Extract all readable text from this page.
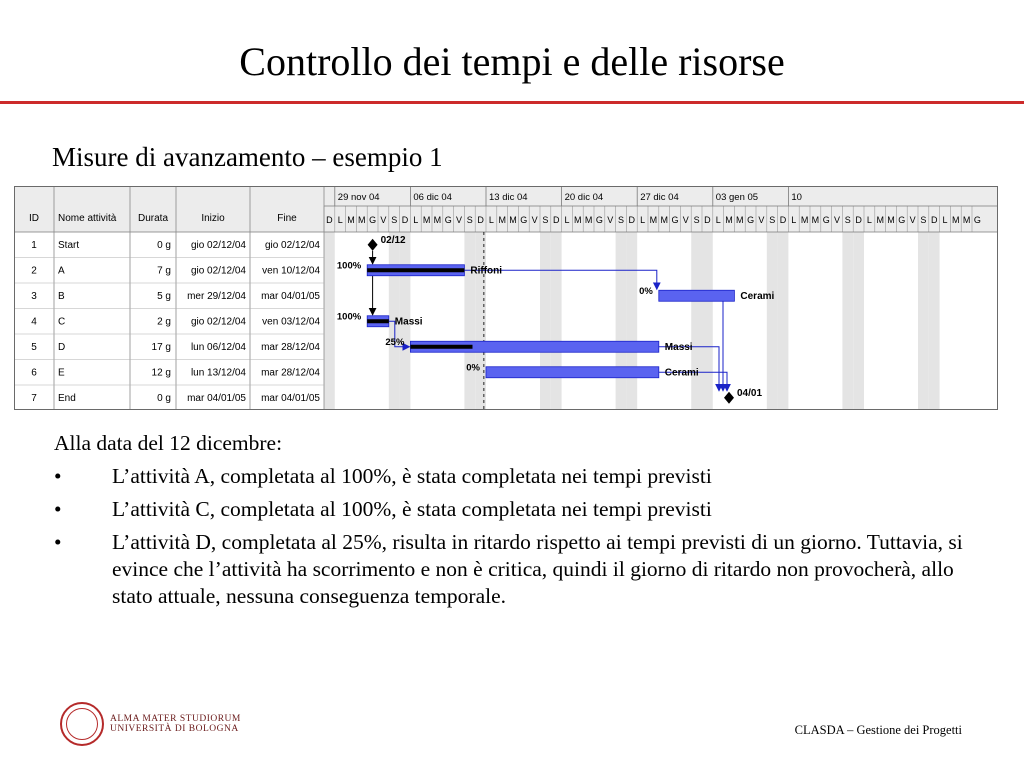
Controllo dei tempi e delle risorse
Misure di avanzamento – esempio 1
D L M M G V S D L M M G V S D L M M G V S D L M M G V S D L M M G V S D L M M G V S D L M M G V S D L M M G V S D L M M G
29 nov 04	06 dic 04	13 dic 04	20 dic 04	27 dic 04	03 gen 05	10
ID Nome attività Durata	Inizio	Fine
1 Start	0 g gio 02/12/04 gio 02/12/04
2 A	7 g gio 02/12/04 ven 10/12/04
3 B	5 g mer 29/12/04 mar 04/01/05
4 C	2 g gio 02/12/04 ven 03/12/04
5 D	17 g lun 06/12/04 mar 28/12/04
6 E	12 g lun 13/12/04 mar 28/12/04
7 End	0 g mar 04/01/05 mar 04/01/05
02/12
100%	Riffoni
0%	Cerami
100%	Massi
25%	Massi
0%	Cerami
04/01
Alla data del 12 dicembre:
•	L’attività A, completata al 100%, è stata completata nei tempi previsti
•	L’attività C, completata al 100%, è stata completata nei tempi previsti
•	L’attività D, completata al 25%, risulta in ritardo rispetto ai tempi previsti di un giorno. Tuttavia, si evince che l’attività ha scorrimento e non è critica, quindi il giorno di ritardo non provocherà, allo stato attuale, nessuna conseguenza temporale.
ALMA MATER STUDIORUM
UNIVERSITÀ DI BOLOGNA	CLASDA – Gestione dei Progetti
